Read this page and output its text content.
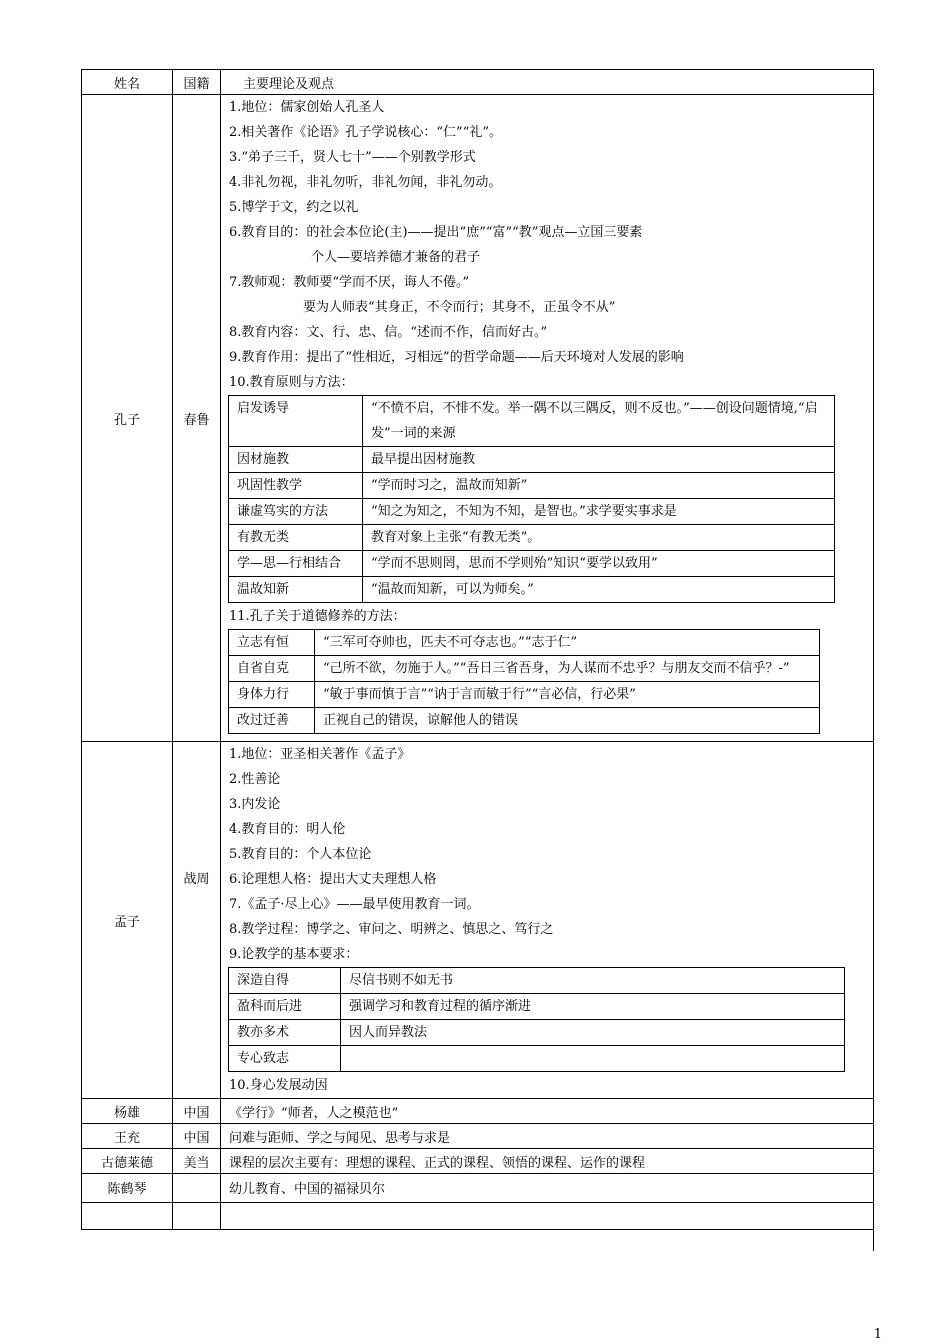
姓名	国籍	主要理论及观点
孔子	春鲁	
1.地位：儒家创始人孔圣人
2.相关著作《论语》孔子学说核心：“仁”“礼”。
3.“弟子三千，贤人七十”——个别教学形式
4.非礼勿视，非礼勿听，非礼勿闻，非礼勿动。
5.博学于文，约之以礼
6.教育目的：的社会本位论(主)——提出“庶”“富”“教”观点—立国三要素
个人—要培养德才兼备的君子
7.教师观：教师要“学而不厌，诲人不倦。”
要为人师表“其身正，不令而行；其身不，正虽令不从”
8.教育内容：文、行、忠、信。“述而不作，信而好古。”
9.教育作用：提出了“性相近，习相远”的哲学命题——后天环境对人发展的影响
10.教育原则与方法：
启发诱导	“不愤不启，不悱不发。举一隅不以三隅反，则不反也。”——创设问题情境,“启发”一词的来源
因材施教	最早提出因材施教
巩固性教学	“学而时习之，温故而知新”
谦虚笃实的方法	“知之为知之，不知为不知，是智也。”求学要实事求是
有教无类	教育对象上主张“有教无类”。
学—思—行相结合	“学而不思则罔，思而不学则殆”知识“要学以致用”
温故知新	“温故而知新，可以为师矣。”
11.孔子关于道德修养的方法：
立志有恒	“三军可夺帅也，匹夫不可夺志也。”“志于仁”
自省自克	“己所不欲，勿施于人。”“吾日三省吾身，为人谋而不忠乎？与朋友交而不信乎？-”
身体力行	“敏于事而慎于言”“讷于言而敏于行”“言必信，行必果”
改过迁善	正视自己的错误，谅解他人的错误

孟子	战周	
1.地位：亚圣相关著作《孟子》
2.性善论
3.内发论
4.教育目的：明人伦
5.教育目的：个人本位论
6.论理想人格：提出大丈夫理想人格
7.《孟子·尽上心》——最早使用教育一词。
8.教学过程：博学之、审问之、明辨之、慎思之、笃行之
9.论教学的基本要求：
深造自得	尽信书则不如无书
盈科而后进	强调学习和教育过程的循序渐进
教亦多术	因人而异教法
专心致志	
10.身心发展动因

杨雄	中国	《学行》“师者，人之模范也”
王充	中国	问难与距师、学之与闻见、思考与求是
古德莱德	美当	课程的层次主要有：理想的课程、正式的课程、领悟的课程、运作的课程
陈鹤琴		幼儿教育、中国的福禄贝尔

1
